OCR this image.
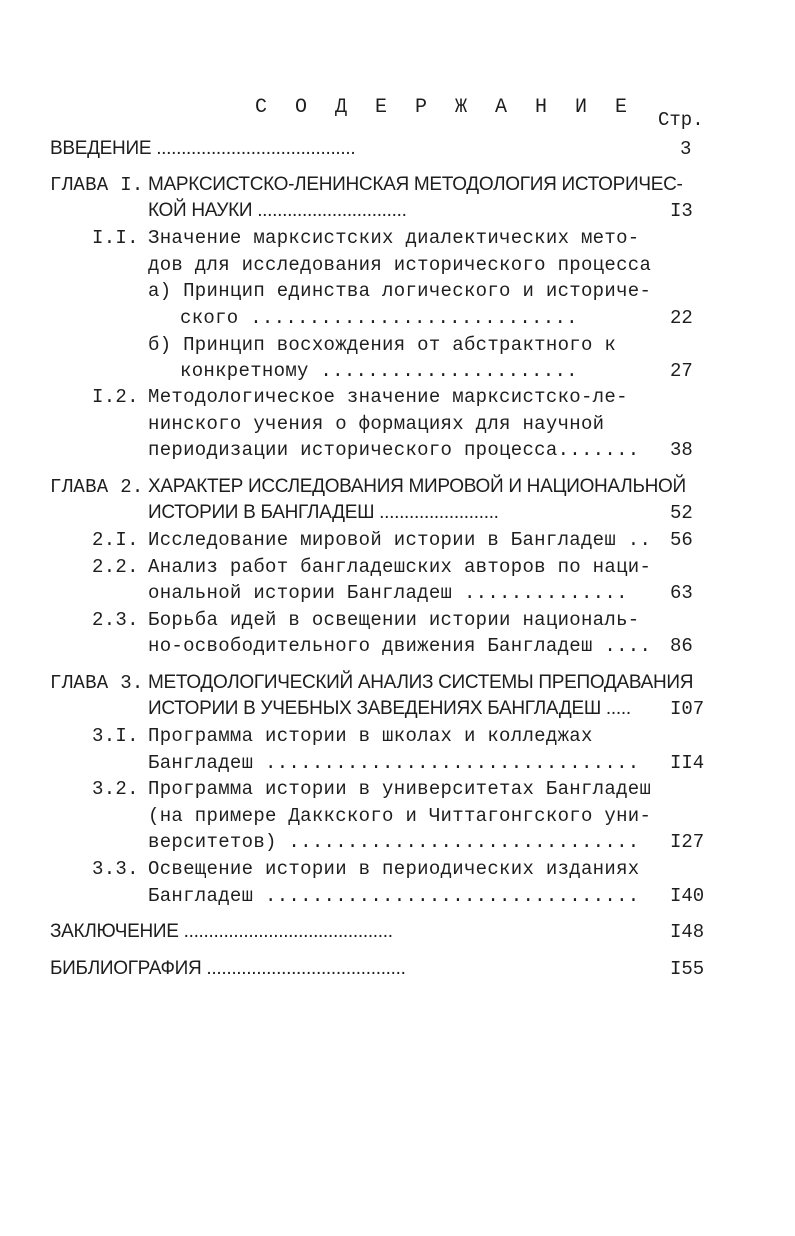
С О Д Е Р Ж А Н И Е
Стр.
ВВЕДЕНИЕ ........................................	3
ГЛАВА I. МАРКСИСТСКО-ЛЕНИНСКАЯ МЕТОДОЛОГИЯ ИСТОРИЧЕС-
КОЙ НАУКИ ..............................	I3
I.I. Значение марксистских диалектических мето-
дов для исследования исторического процесса
а) Принцип единства логического и историче-
ского ............................	22
б) Принцип восхождения от абстрактного к
конкретному ......................	27
I.2. Методологическое значение марксистско-ле-
нинского учения о формациях для научной
периодизации исторического процесса....... 38
ГЛАВА 2. ХАРАКТЕР ИССЛЕДОВАНИЯ МИРОВОЙ И НАЦИОНАЛЬНОЙ
ИСТОРИИ В БАНГЛАДЕШ ........................	52
2.I. Исследование мировой истории в Бангладеш .. 56
2.2. Анализ работ бангладешских авторов по наци-
ональной истории Бангладеш .............. 63
2.3. Борьба идей в освещении истории националь-
но-освободительного движения Бангладеш .... 86
ГЛАВА 3. МЕТОДОЛОГИЧЕСКИЙ АНАЛИЗ СИСТЕМЫ ПРЕПОДАВАНИЯ
ИСТОРИИ В УЧЕБНЫХ ЗАВЕДЕНИЯХ БАНГЛАДЕШ ..... I07
3.I. Программа истории в школах и колледжах
Бангладеш ................................ II4
3.2. Программа истории в университетах Бангладеш
(на примере Даккского и Читтагонгского уни-
верситетов) .............................. I27
3.3. Освещение истории в периодических изданиях
Бангладеш ................................ I40
ЗАКЛЮЧЕНИЕ ..........................................	I48
БИБЛИОГРАФИЯ ........................................	I55
